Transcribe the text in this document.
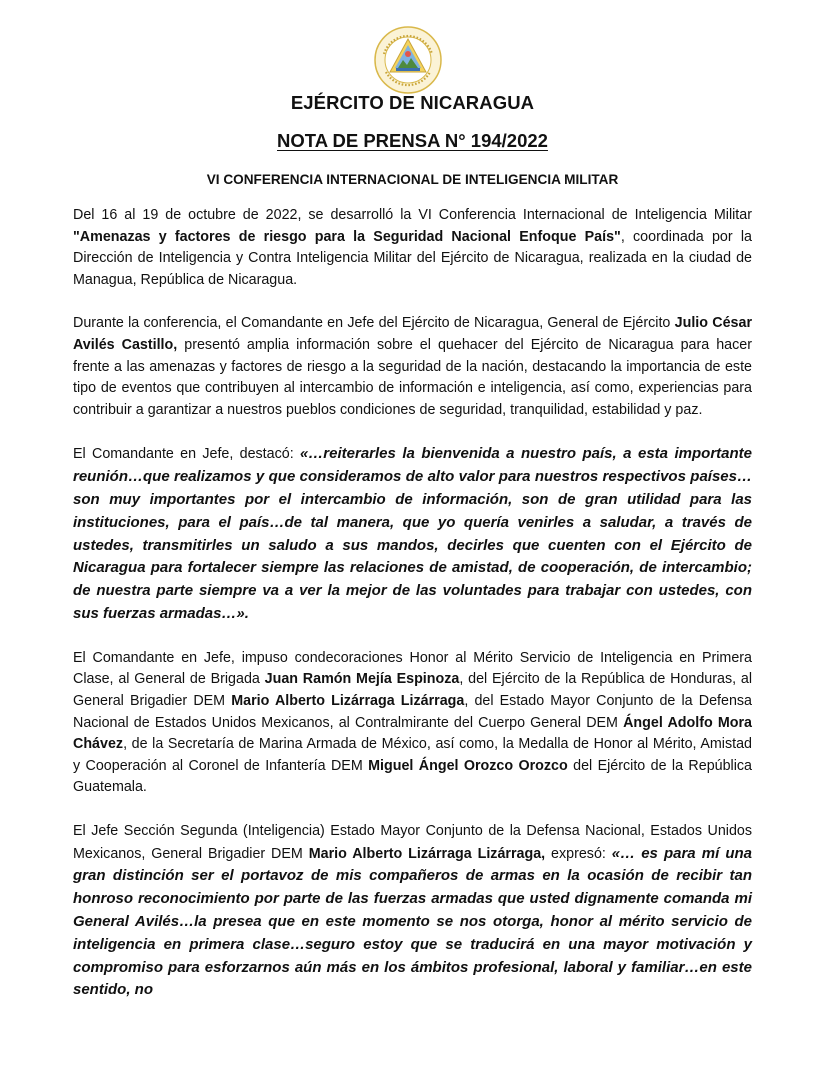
EJÉRCITO DE NICARAGUA
NOTA DE PRENSA N° 194/2022
VI CONFERENCIA INTERNACIONAL DE INTELIGENCIA MILITAR

Del 16 al 19 de octubre de 2022, se desarrolló la VI Conferencia Internacional de Inteligencia Militar "Amenazas y factores de riesgo para la Seguridad Nacional Enfoque País", coordinada por la Dirección de Inteligencia y Contra Inteligencia Militar del Ejército de Nicaragua, realizada en la ciudad de Managua, República de Nicaragua.

Durante la conferencia, el Comandante en Jefe del Ejército de Nicaragua, General de Ejército Julio César Avilés Castillo, presentó amplia información sobre el quehacer del Ejército de Nicaragua para hacer frente a las amenazas y factores de riesgo a la seguridad de la nación, destacando la importancia de este tipo de eventos que contribuyen al intercambio de información e inteligencia, así como, experiencias para contribuir a garantizar a nuestros pueblos condiciones de seguridad, tranquilidad, estabilidad y paz.

El Comandante en Jefe, destacó: «…reiterarles la bienvenida a nuestro país, a esta importante reunión…que realizamos y que consideramos de alto valor para nuestros respectivos países…son muy importantes por el intercambio de información, son de gran utilidad para las instituciones, para el país…de tal manera, que yo quería venirles a saludar, a través de ustedes, transmitirles un saludo a sus mandos, decirles que cuenten con el Ejército de Nicaragua para fortalecer siempre las relaciones de amistad, de cooperación, de intercambio; de nuestra parte siempre va a ver la mejor de las voluntades para trabajar con ustedes, con sus fuerzas armadas…».

El Comandante en Jefe, impuso condecoraciones Honor al Mérito Servicio de Inteligencia en Primera Clase, al General de Brigada Juan Ramón Mejía Espinoza, del Ejército de la República de Honduras, al General Brigadier DEM Mario Alberto Lizárraga Lizárraga, del Estado Mayor Conjunto de la Defensa Nacional de Estados Unidos Mexicanos, al Contralmirante del Cuerpo General DEM Ángel Adolfo Mora Chávez, de la Secretaría de Marina Armada de México, así como, la Medalla de Honor al Mérito, Amistad y Cooperación al Coronel de Infantería DEM Miguel Ángel Orozco Orozco del Ejército de la República Guatemala.

El Jefe Sección Segunda (Inteligencia) Estado Mayor Conjunto de la Defensa Nacional, Estados Unidos Mexicanos, General Brigadier DEM Mario Alberto Lizárraga Lizárraga, expresó: «… es para mí una gran distinción ser el portavoz de mis compañeros de armas en la ocasión de recibir tan honroso reconocimiento por parte de las fuerzas armadas que usted dignamente comanda mi General Avilés…la presea que en este momento se nos otorga, honor al mérito servicio de inteligencia en primera clase…seguro estoy que se traducirá en una mayor motivación y compromiso para esforzarnos aún más en los ámbitos profesional, laboral y familiar…en este sentido, no
